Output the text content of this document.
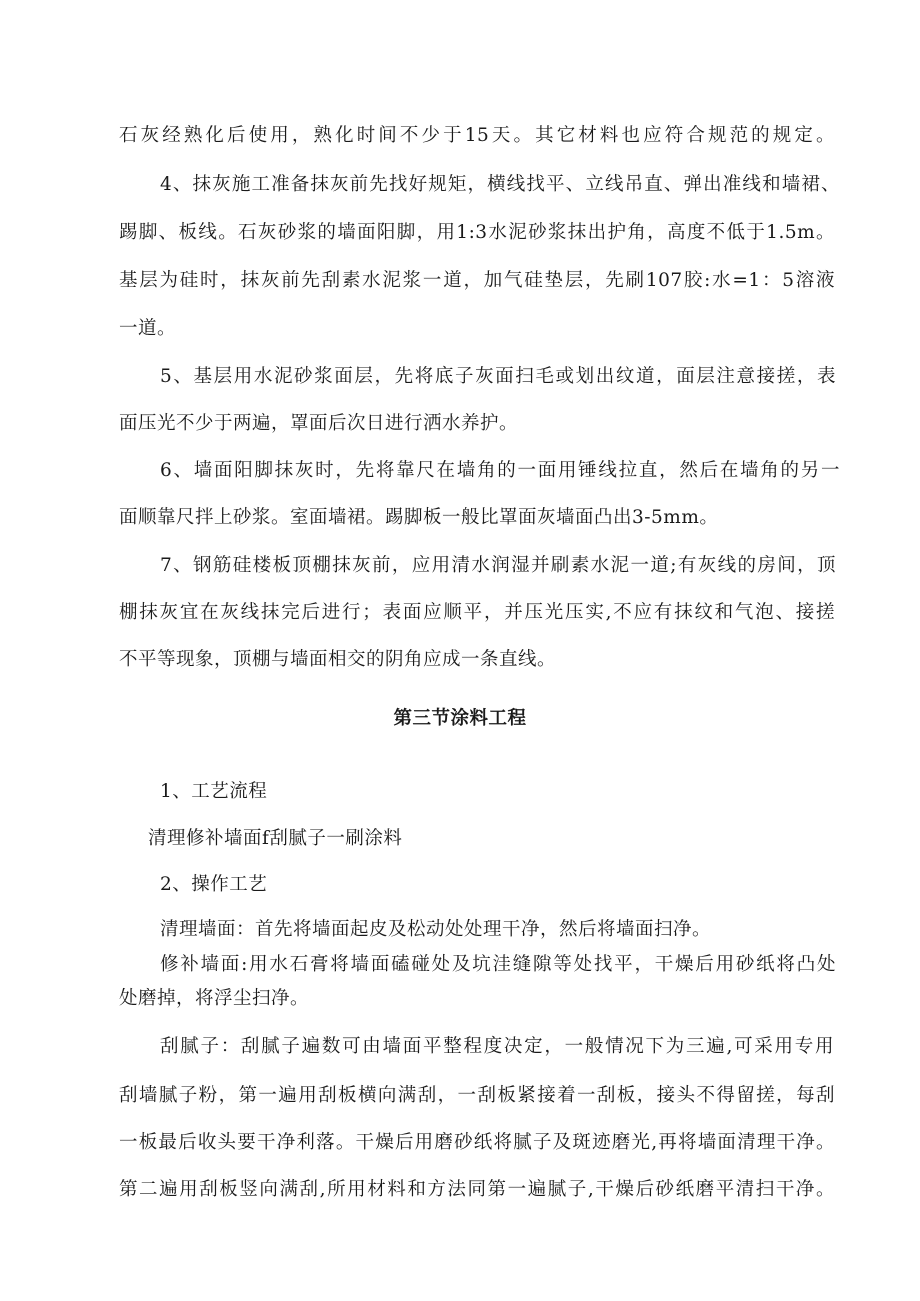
石灰经熟化后使用，熟化时间不少于15天。其它材料也应符合规范的规定。
4、抹灰施工准备抹灰前先找好规矩，横线找平、立线吊直、弹出准线和墙裙、
踢脚、板线。石灰砂浆的墙面阳脚，用1:3水泥砂浆抹出护角，高度不低于1.5m。
基层为硅时，抹灰前先刮素水泥浆一道，加气硅垫层，先刷107胶:水=1：5溶液
一道。
5、基层用水泥砂浆面层，先将底子灰面扫毛或划出纹道，面层注意接搓，表
面压光不少于两遍，罩面后次日进行洒水养护。
6、墙面阳脚抹灰时，先将靠尺在墙角的一面用锤线拉直，然后在墙角的另一
面顺靠尺拌上砂浆。室面墙裙。踢脚板一般比罩面灰墙面凸出3-5mm。
7、钢筋硅楼板顶棚抹灰前，应用清水润湿并刷素水泥一道;有灰线的房间，顶
棚抹灰宜在灰线抹完后进行；表面应顺平，并压光压实,不应有抹纹和气泡、接搓
不平等现象，顶棚与墙面相交的阴角应成一条直线。
第三节涂料工程
1、工艺流程
清理修补墙面f刮腻子一刷涂料
2、操作工艺
清理墙面：首先将墙面起皮及松动处处理干净，然后将墙面扫净。
修补墙面:用水石膏将墙面磕碰处及坑洼缝隙等处找平，干燥后用砂纸将凸处
处磨掉，将浮尘扫净。
刮腻子：刮腻子遍数可由墙面平整程度决定，一般情况下为三遍,可采用专用
刮墙腻子粉，第一遍用刮板横向满刮，一刮板紧接着一刮板，接头不得留搓，每刮
一板最后收头要干净利落。干燥后用磨砂纸将腻子及斑迹磨光,再将墙面清理干净。
第二遍用刮板竖向满刮,所用材料和方法同第一遍腻子,干燥后砂纸磨平清扫干净。
